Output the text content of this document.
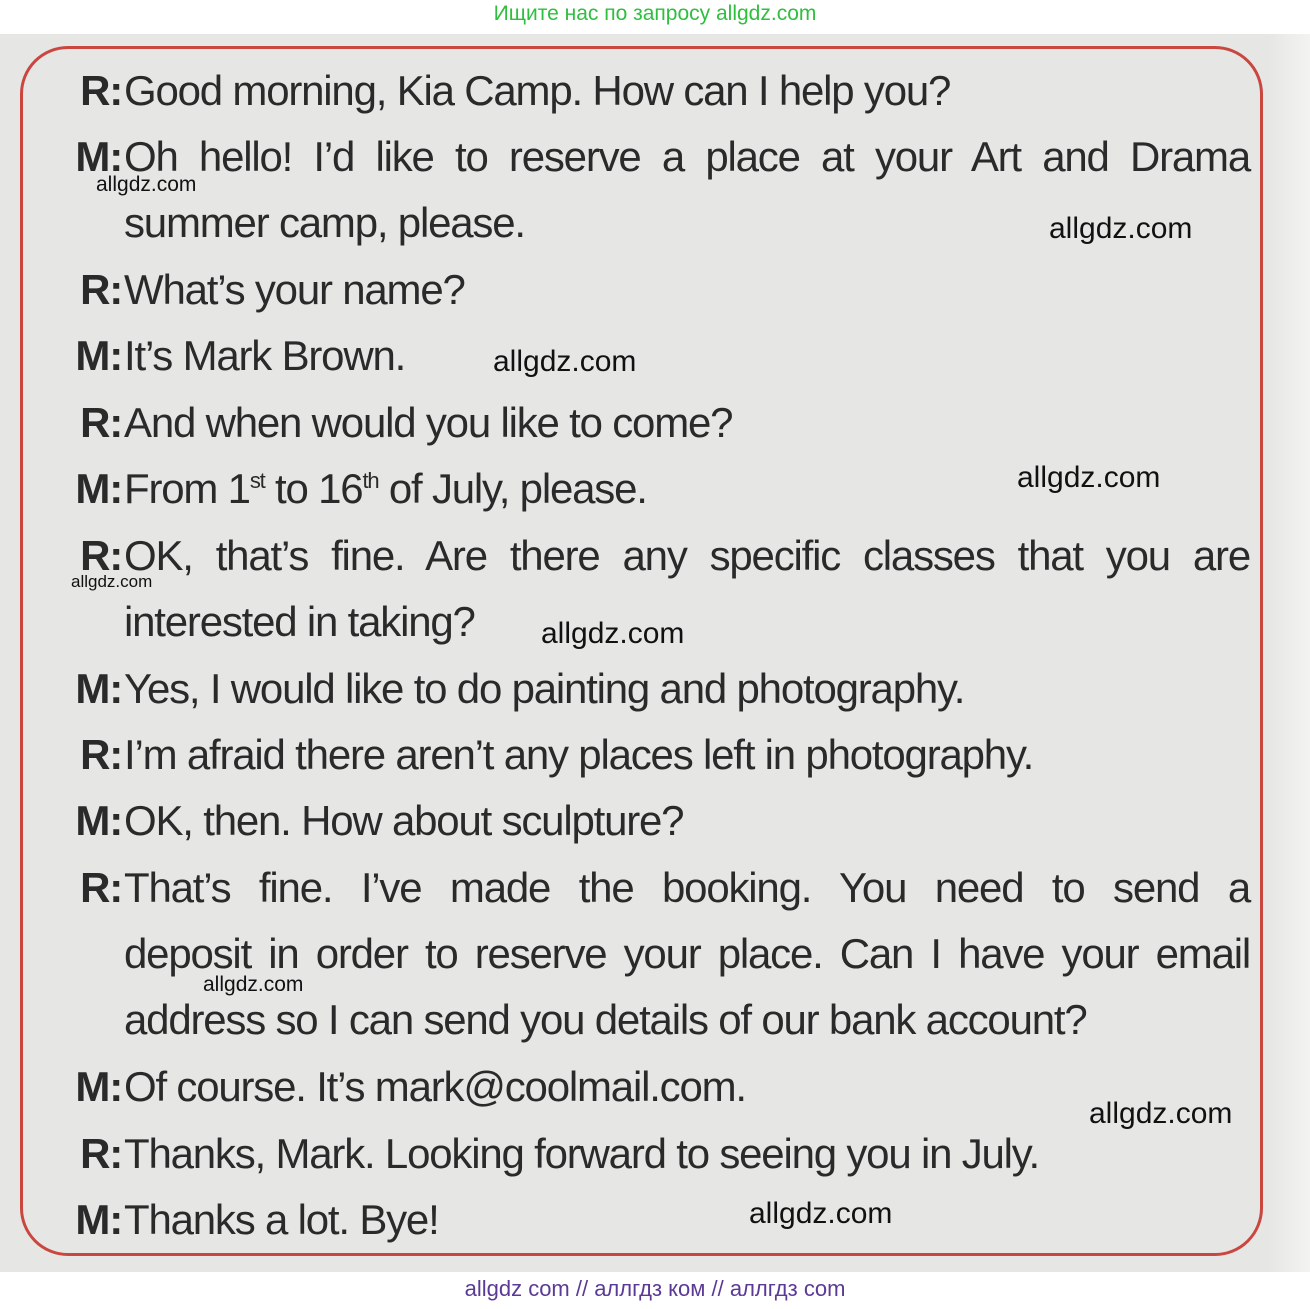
Ищите нас по запросу allgdz.com
R: Good morning, Kia Camp. How can I help you?
M: Oh hello! I’d like to reserve a place at your Art and Drama
summer camp, please.
R: What’s your name?
M: It’s Mark Brown.
R: And when would you like to come?
M: From 1st to 16th of July, please.
R: OK, that’s fine. Are there any specific classes that you are
interested in taking?
M: Yes, I would like to do painting and photography.
R: I’m afraid there aren’t any places left in photography.
M: OK, then. How about sculpture?
R: That’s fine. I’ve made the booking. You need to send a
deposit in order to reserve your place. Can I have your email
address so I can send you details of our bank account?
M: Of course. It’s mark@coolmail.com.
R: Thanks, Mark. Looking forward to seeing you in July.
M: Thanks a lot. Bye!
allgdz.com
allgdz.com
allgdz.com
allgdz.com
allgdz.com
allgdz.com
allgdz.com
allgdz.com
allgdz.com
allgdz com // аллгдз ком // аллгдз com
